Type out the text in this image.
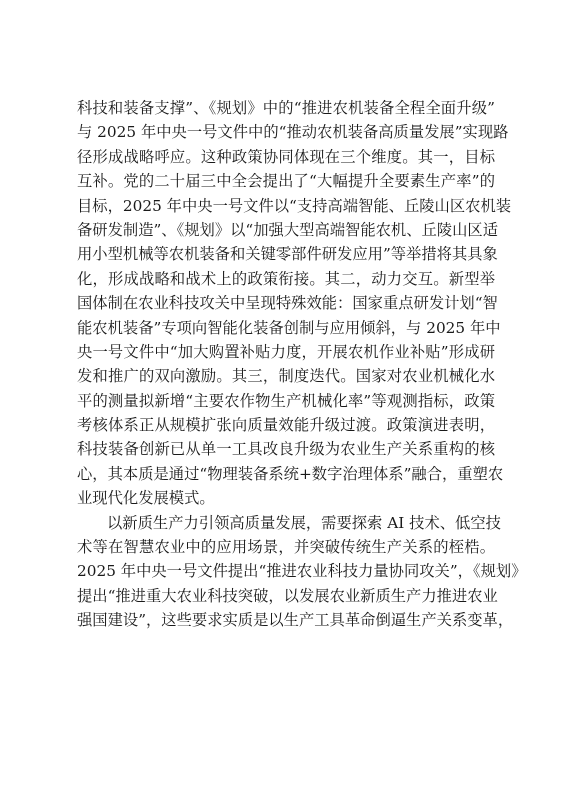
科技和装备支撑”、《规划》中的“推进农机装备全程全面升级”
与 2025 年中央一号文件中的“推动农机装备高质量发展”实现路
径形成战略呼应。这种政策协同体现在三个维度。其一，目标
互补。党的二十届三中全会提出了“大幅提升全要素生产率”的
目标，2025 年中央一号文件以“支持高端智能、丘陵山区农机装
备研发制造”、《规划》以“加强大型高端智能农机、丘陵山区适
用小型机械等农机装备和关键零部件研发应用”等举措将其具象
化，形成战略和战术上的政策衔接。其二，动力交互。新型举
国体制在农业科技攻关中呈现特殊效能：国家重点研发计划“智
能农机装备”专项向智能化装备创制与应用倾斜，与 2025 年中
央一号文件中“加大购置补贴力度，开展农机作业补贴”形成研
发和推广的双向激励。其三，制度迭代。国家对农业机械化水
平的测量拟新增“主要农作物生产机械化率”等观测指标，政策
考核体系正从规模扩张向质量效能升级过渡。政策演进表明，
科技装备创新已从单一工具改良升级为农业生产关系重构的核
心，其本质是通过“物理装备系统+数字治理体系”融合，重塑农
业现代化发展模式。
以新质生产力引领高质量发展，需要探索 AI 技术、低空技
术等在智慧农业中的应用场景，并突破传统生产关系的桎梏。
2025 年中央一号文件提出“推进农业科技力量协同攻关”，《规划》
提出“推进重大农业科技突破，以发展农业新质生产力推进农业
强国建设”，这些要求实质是以生产工具革命倒逼生产关系变革，
